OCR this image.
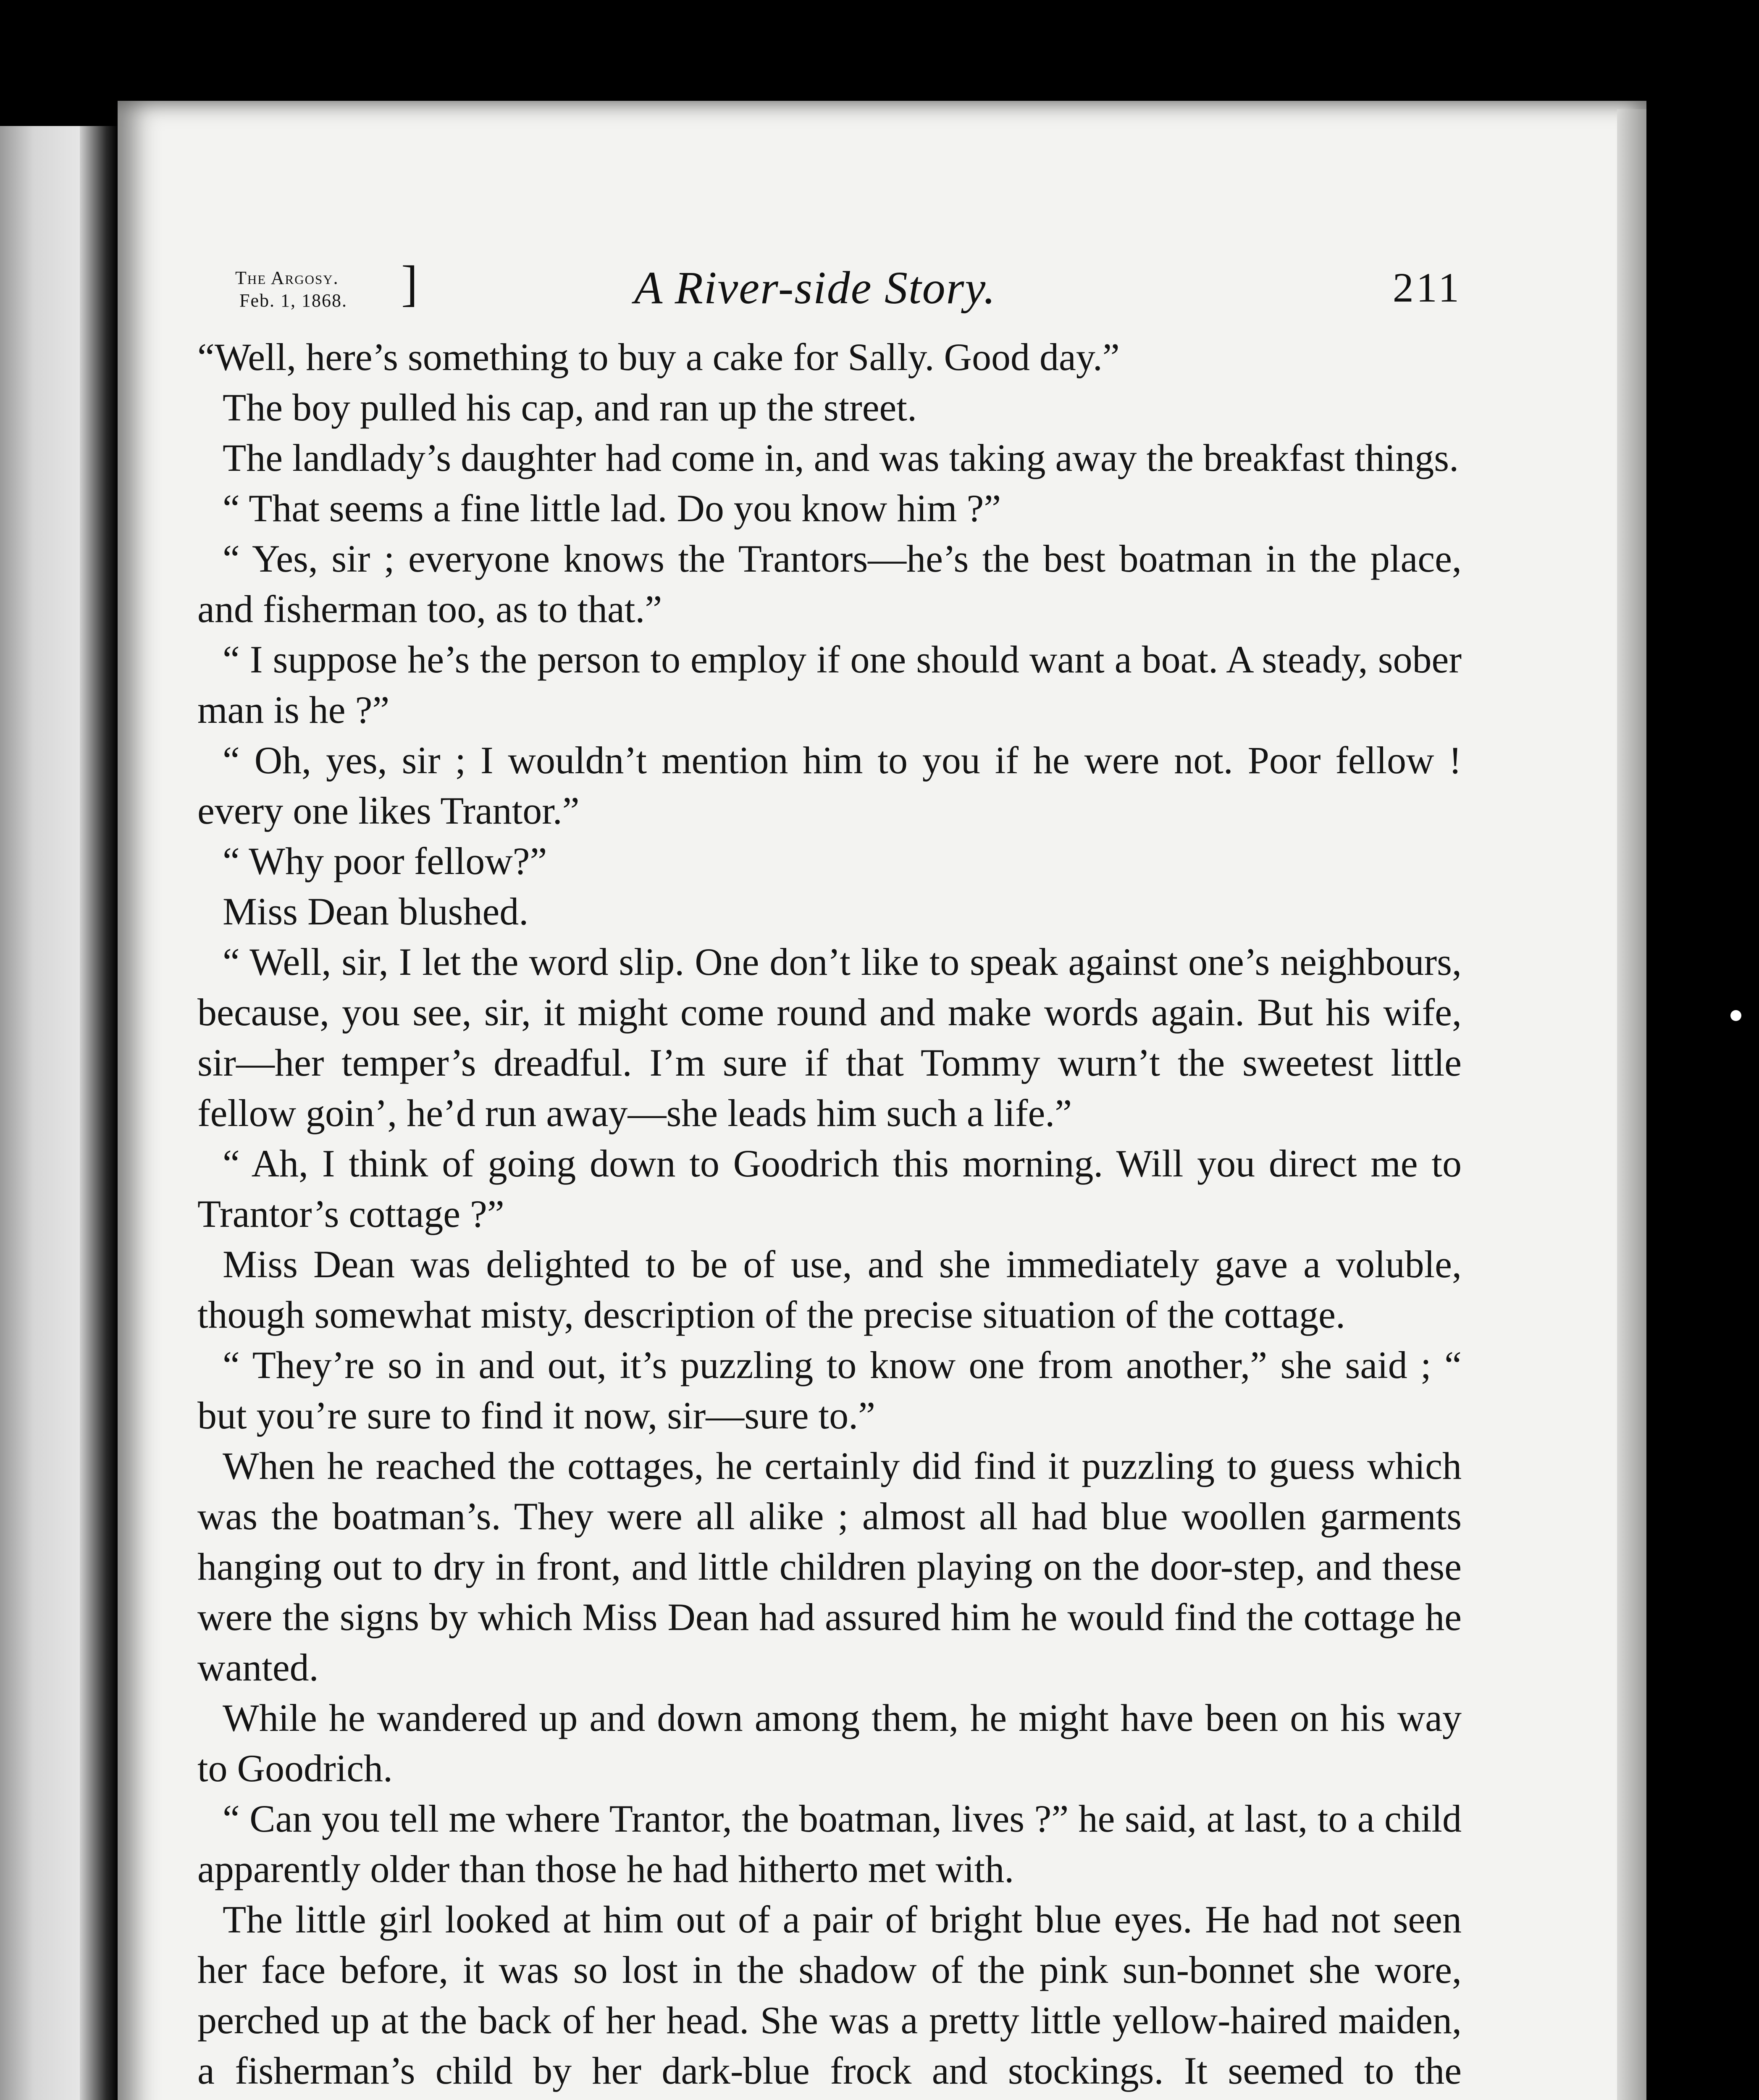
The Argosy.
Feb. 1, 1868. ]	A River-side Story.	211

“Well, here’s something to buy a cake for Sally. Good day.”

The boy pulled his cap, and ran up the street.

The landlady’s daughter had come in, and was taking away the breakfast things.

“ That seems a fine little lad. Do you know him ?”

“ Yes, sir ; everyone knows the Trantors—he’s the best boatman in the place, and fisherman too, as to that.”

“ I suppose he’s the person to employ if one should want a boat. A steady, sober man is he ?”

“ Oh, yes, sir ; I wouldn’t mention him to you if he were not. Poor fellow ! every one likes Trantor.”

“ Why poor fellow?”

Miss Dean blushed.

“ Well, sir, I let the word slip. One don’t like to speak against one’s neighbours, because, you see, sir, it might come round and make words again. But his wife, sir—her temper’s dreadful. I’m sure if that Tommy wurn’t the sweetest little fellow goin’, he’d run away—she leads him such a life.”

“ Ah, I think of going down to Goodrich this morning. Will you direct me to Trantor’s cottage ?”

Miss Dean was delighted to be of use, and she immediately gave a voluble, though somewhat misty, description of the precise situation of the cottage.

“ They’re so in and out, it’s puzzling to know one from another,” she said ; “ but you’re sure to find it now, sir—sure to.”

When he reached the cottages, he certainly did find it puzzling to guess which was the boatman’s. They were all alike ; almost all had blue woollen garments hanging out to dry in front, and little children playing on the door-step, and these were the signs by which Miss Dean had assured him he would find the cottage he wanted.

While he wandered up and down among them, he might have been on his way to Goodrich.

“ Can you tell me where Trantor, the boatman, lives ?” he said, at last, to a child apparently older than those he had hitherto met with.

The little girl looked at him out of a pair of bright blue eyes. He had not seen her face before, it was so lost in the shadow of the pink sun-bonnet she wore, perched up at the back of her head. She was a pretty little yellow-haired maiden, a fisherman’s child by her dark-blue frock and stockings. It seemed to the
